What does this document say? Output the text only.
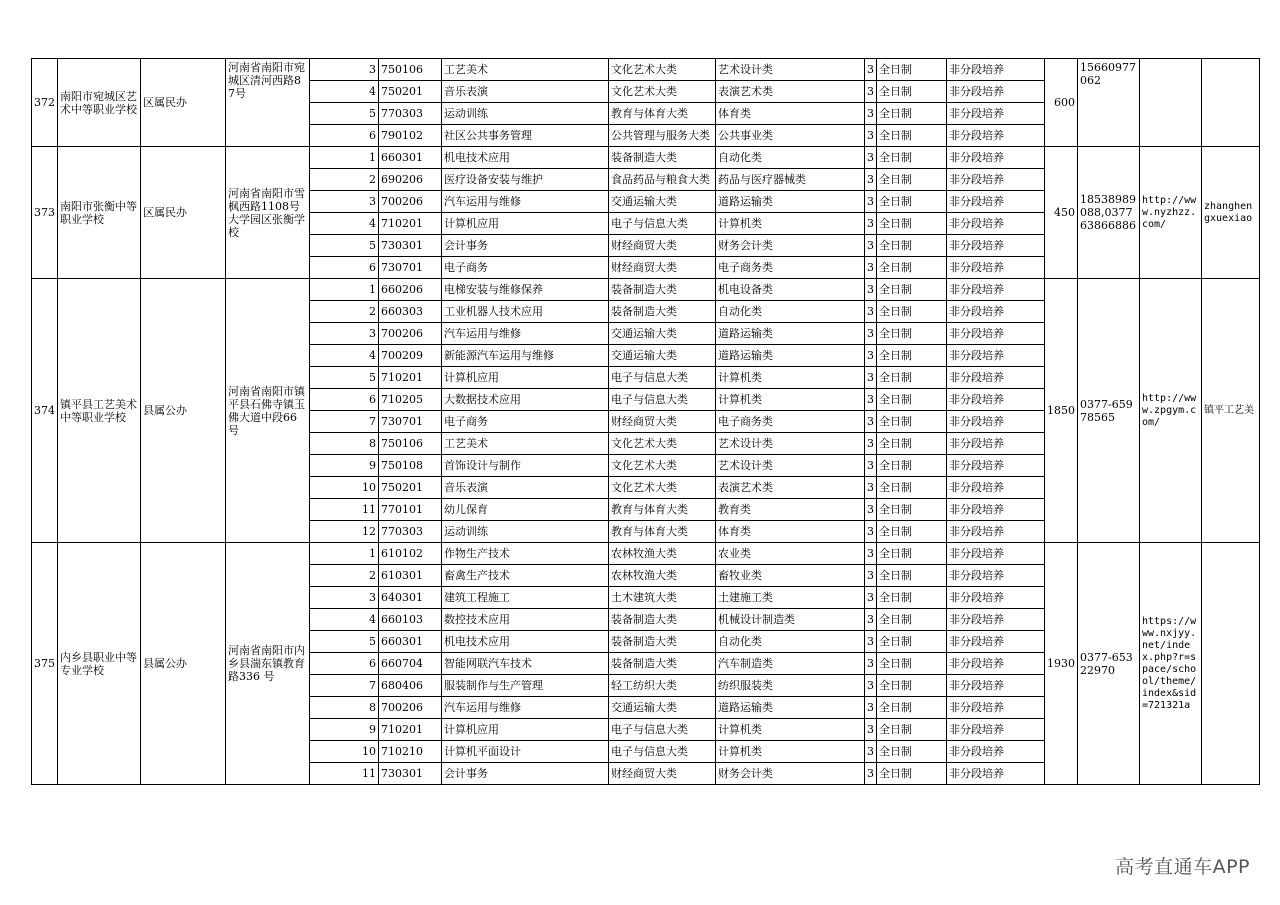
372	南阳市宛城区艺术中等职业学校	区属民办	河南省南阳市宛城区清河西路87号	3	750106	工艺美术	文化艺术大类	艺术设计类	3	全日制	非分段培养	600	15660977062		
				4	750201	音乐表演	文化艺术大类	表演艺术类	3	全日制	非分段培养				
				5	770303	运动训练	教育与体育大类	体育类	3	全日制	非分段培养				
				6	790102	社区公共事务管理	公共管理与服务大类	公共事业类	3	全日制	非分段培养				
373	南阳市张衡中等职业学校	区属民办	河南省南阳市雪枫西路1108号大学园区张衡学校	1	660301	机电技术应用	装备制造大类	自动化类	3	全日制	非分段培养	450	18538989088,037763866886	http://www.nyzhzz.com/	zhanghengxuexiao
				2	690206	医疗设备安装与维护	食品药品与粮食大类	药品与医疗器械类	3	全日制	非分段培养				
				3	700206	汽车运用与维修	交通运输大类	道路运输类	3	全日制	非分段培养				
				4	710201	计算机应用	电子与信息大类	计算机类	3	全日制	非分段培养				
				5	730301	会计事务	财经商贸大类	财务会计类	3	全日制	非分段培养				
				6	730701	电子商务	财经商贸大类	电子商务类	3	全日制	非分段培养				
374	镇平县工艺美术中等职业学校	县属公办	河南省南阳市镇平县石佛寺镇玉佛大道中段66号	1	660206	电梯安装与维修保养	装备制造大类	机电设备类	3	全日制	非分段培养	1850	0377-65978565	http://www.zpgym.com/	镇平工艺美
				2	660303	工业机器人技术应用	装备制造大类	自动化类	3	全日制	非分段培养				
				3	700206	汽车运用与维修	交通运输大类	道路运输类	3	全日制	非分段培养				
				4	700209	新能源汽车运用与维修	交通运输大类	道路运输类	3	全日制	非分段培养				
				5	710201	计算机应用	电子与信息大类	计算机类	3	全日制	非分段培养				
				6	710205	大数据技术应用	电子与信息大类	计算机类	3	全日制	非分段培养				
				7	730701	电子商务	财经商贸大类	电子商务类	3	全日制	非分段培养				
				8	750106	工艺美术	文化艺术大类	艺术设计类	3	全日制	非分段培养				
				9	750108	首饰设计与制作	文化艺术大类	艺术设计类	3	全日制	非分段培养				
				10	750201	音乐表演	文化艺术大类	表演艺术类	3	全日制	非分段培养				
				11	770101	幼儿保育	教育与体育大类	教育类	3	全日制	非分段培养				
				12	770303	运动训练	教育与体育大类	体育类	3	全日制	非分段培养				
375	内乡县职业中等专业学校	县属公办	河南省南阳市内乡县湍东镇教育路336 号	1	610102	作物生产技术	农林牧渔大类	农业类	3	全日制	非分段培养	1930	0377-65322970	https://www.nxjyy.net/index.php?r=space/school/theme/index&sid=721321a	
				2	610301	畜禽生产技术	农林牧渔大类	畜牧业类	3	全日制	非分段培养				
				3	640301	建筑工程施工	土木建筑大类	土建施工类	3	全日制	非分段培养				
				4	660103	数控技术应用	装备制造大类	机械设计制造类	3	全日制	非分段培养				
				5	660301	机电技术应用	装备制造大类	自动化类	3	全日制	非分段培养				
				6	660704	智能网联汽车技术	装备制造大类	汽车制造类	3	全日制	非分段培养				
				7	680406	服装制作与生产管理	轻工纺织大类	纺织服装类	3	全日制	非分段培养				
				8	700206	汽车运用与维修	交通运输大类	道路运输类	3	全日制	非分段培养				
				9	710201	计算机应用	电子与信息大类	计算机类	3	全日制	非分段培养				
				10	710210	计算机平面设计	电子与信息大类	计算机类	3	全日制	非分段培养				
				11	730301	会计事务	财经商贸大类	财务会计类	3	全日制	非分段培养				
高考直通车APP
